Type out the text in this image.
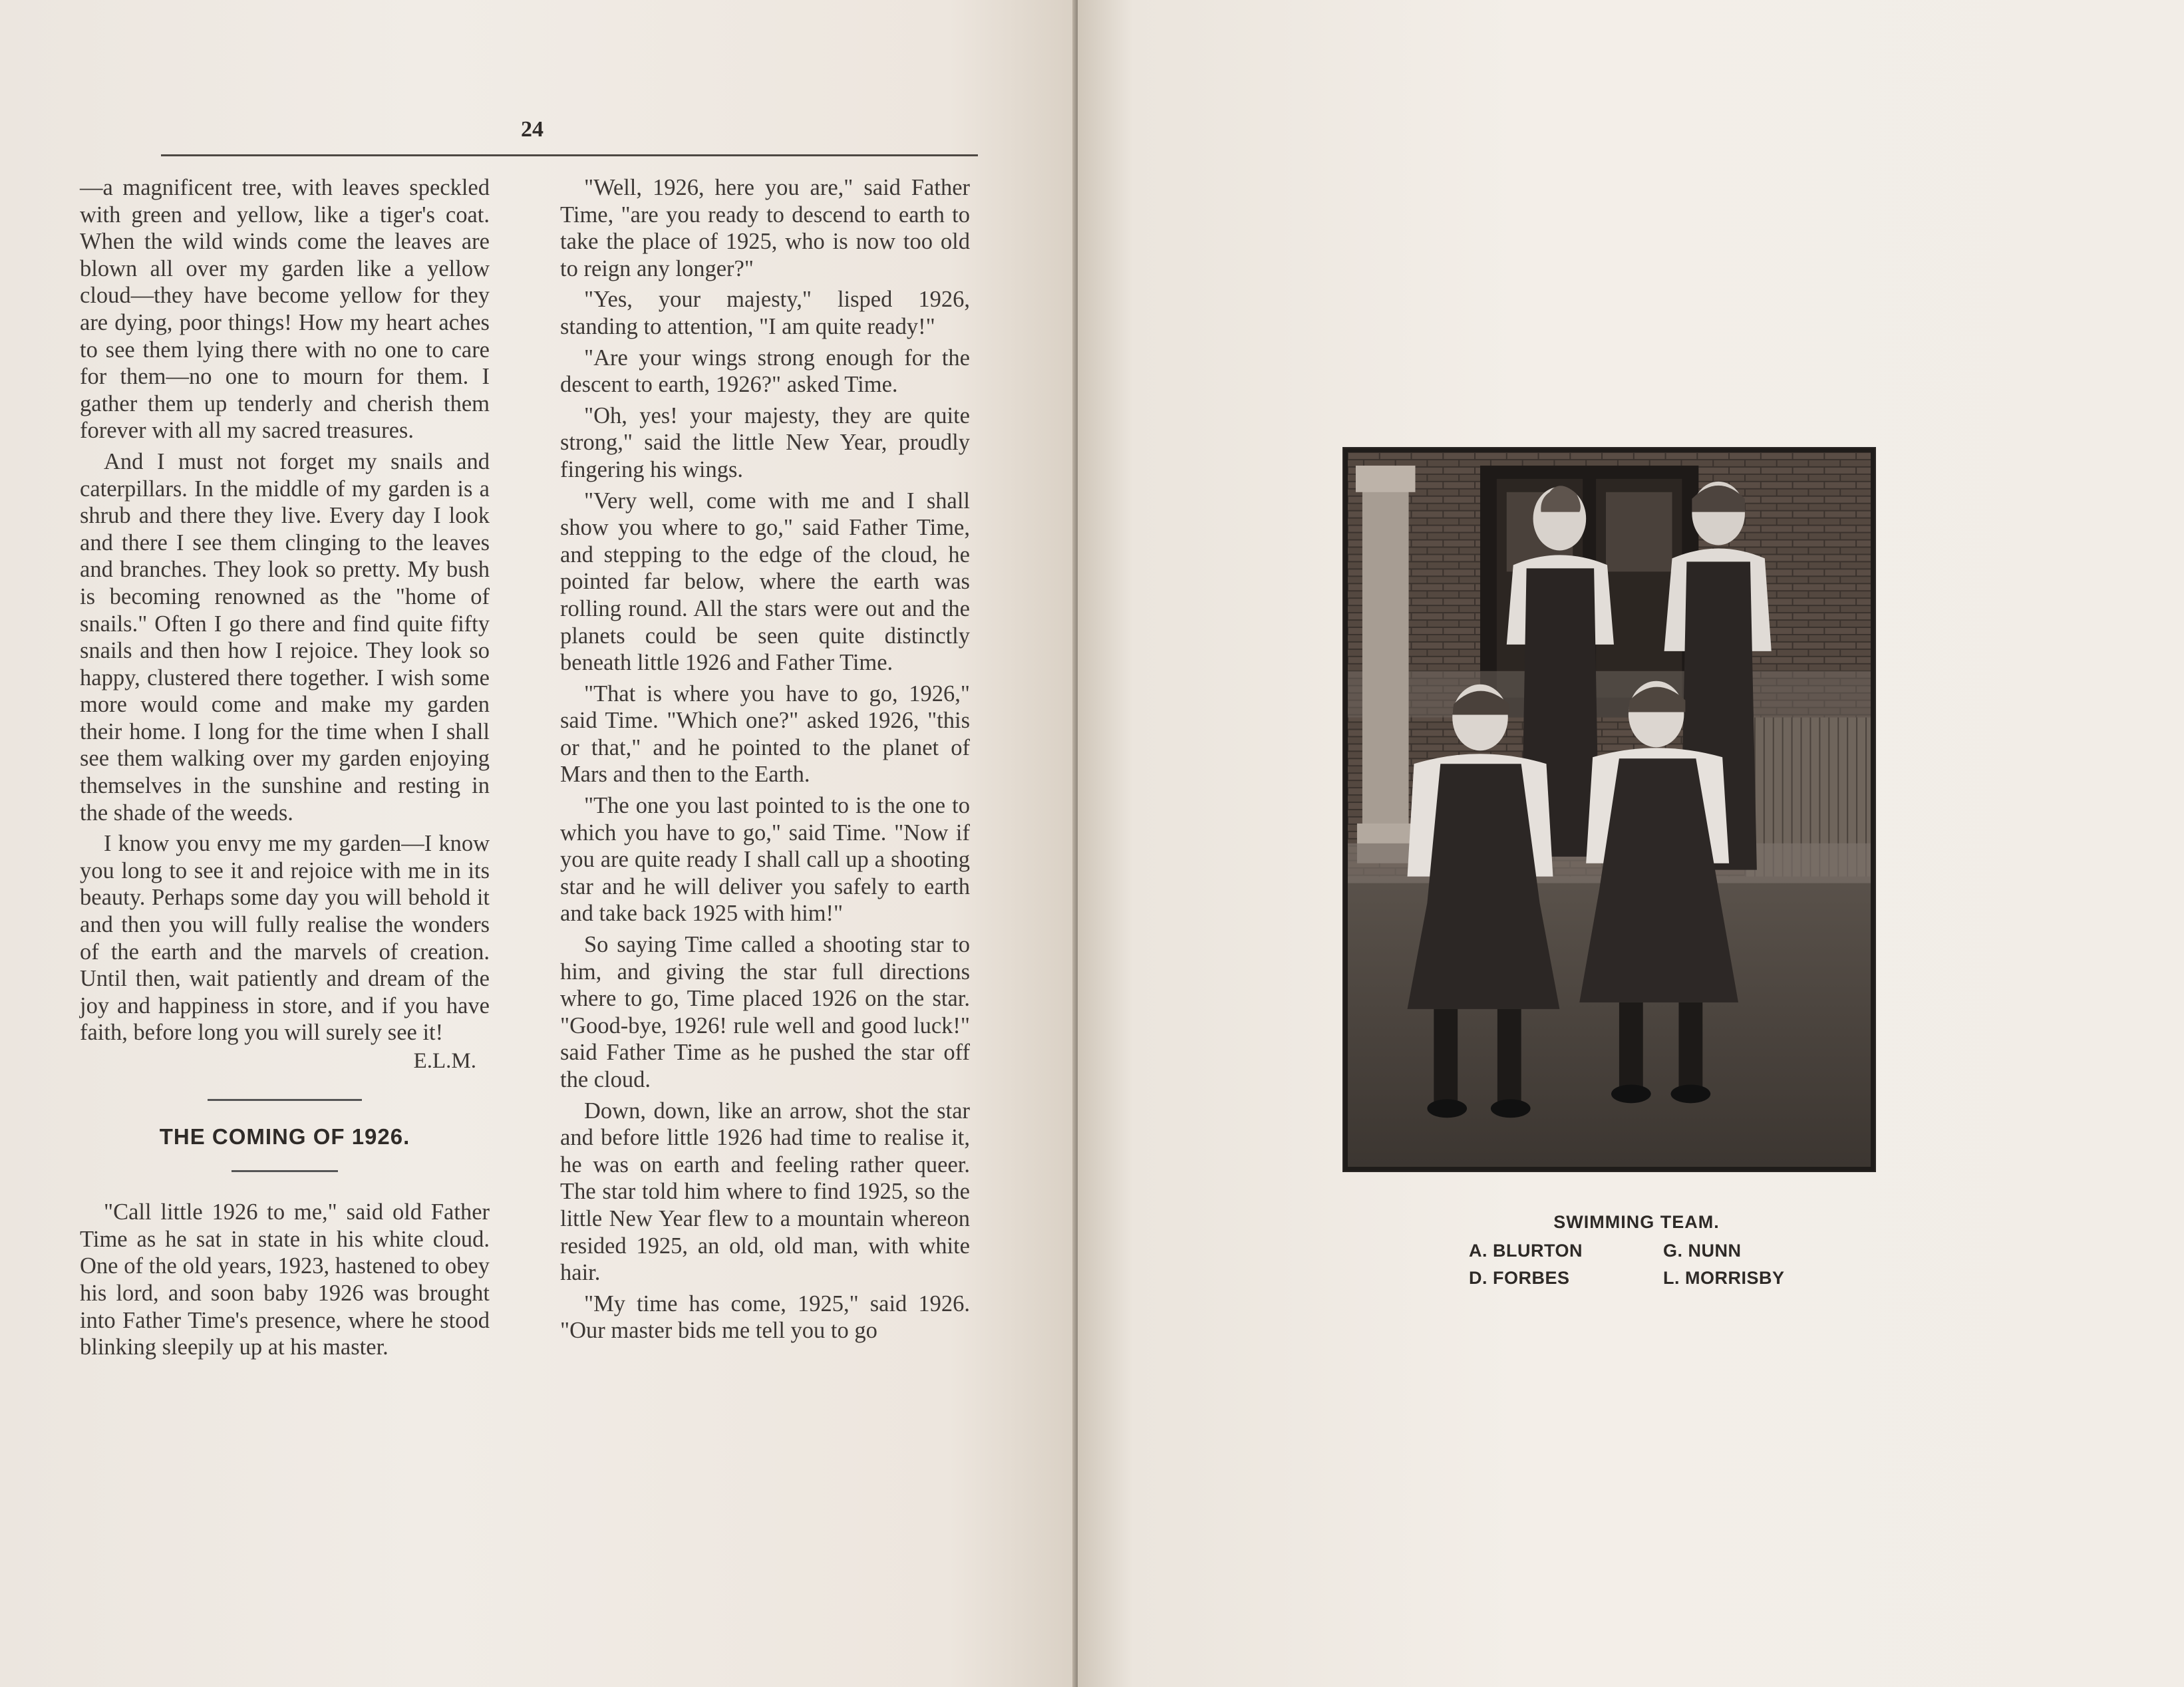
24

—a magnificent tree, with leaves speckled with green and yellow, like a tiger's coat. When the wild winds come the leaves are blown all over my garden like a yellow cloud—they have become yellow for they are dying, poor things! How my heart aches to see them lying there with no one to care for them—no one to mourn for them. I gather them up tenderly and cherish them forever with all my sacred treasures.

And I must not forget my snails and caterpillars. In the middle of my garden is a shrub and there they live. Every day I look and there I see them clinging to the leaves and branches. They look so pretty. My bush is becoming renowned as the "home of snails." Often I go there and find quite fifty snails and then how I rejoice. They look so happy, clustered there together. I wish some more would come and make my garden their home. I long for the time when I shall see them walking over my garden enjoying themselves in the sunshine and resting in the shade of the weeds.

I know you envy me my garden—I know you long to see it and rejoice with me in its beauty. Perhaps some day you will behold it and then you will fully realise the wonders of the earth and the marvels of creation. Until then, wait patiently and dream of the joy and happiness in store, and if you have faith, before long you will surely see it!

E.L.M.
THE COMING OF 1926.

"Call little 1926 to me," said old Father Time as he sat in state in his white cloud. One of the old years, 1923, hastened to obey his lord, and soon baby 1926 was brought into Father Time's presence, where he stood blinking sleepily up at his master.

"Well, 1926, here you are," said Father Time, "are you ready to descend to earth to take the place of 1925, who is now too old to reign any longer?"

"Yes, your majesty," lisped 1926, standing to attention, "I am quite ready!"

"Are your wings strong enough for the descent to earth, 1926?" asked Time.

"Oh, yes! your majesty, they are quite strong," said the little New Year, proudly fingering his wings.

"Very well, come with me and I shall show you where to go," said Father Time, and stepping to the edge of the cloud, he pointed far below, where the earth was rolling round. All the stars were out and the planets could be seen quite distinctly beneath little 1926 and Father Time.

"That is where you have to go, 1926," said Time. "Which one?" asked 1926, "this or that," and he pointed to the planet of Mars and then to the Earth.

"The one you last pointed to is the one to which you have to go," said Time. "Now if you are quite ready I shall call up a shooting star and he will deliver you safely to earth and take back 1925 with him!"

So saying Time called a shooting star to him, and giving the star full directions where to go, Time placed 1926 on the star. "Good-bye, 1926! rule well and good luck!" said Father Time as he pushed the star off the cloud.

Down, down, like an arrow, shot the star and before little 1926 had time to realise it, he was on earth and feeling rather queer. The star told him where to find 1925, so the little New Year flew to a mountain whereon resided 1925, an old, old man, with white hair.

"My time has come, 1925," said 1926. "Our master bids me tell you to go

SWIMMING TEAM.
A. BLURTON	G. NUNN
D. FORBES	L. MORRISBY
